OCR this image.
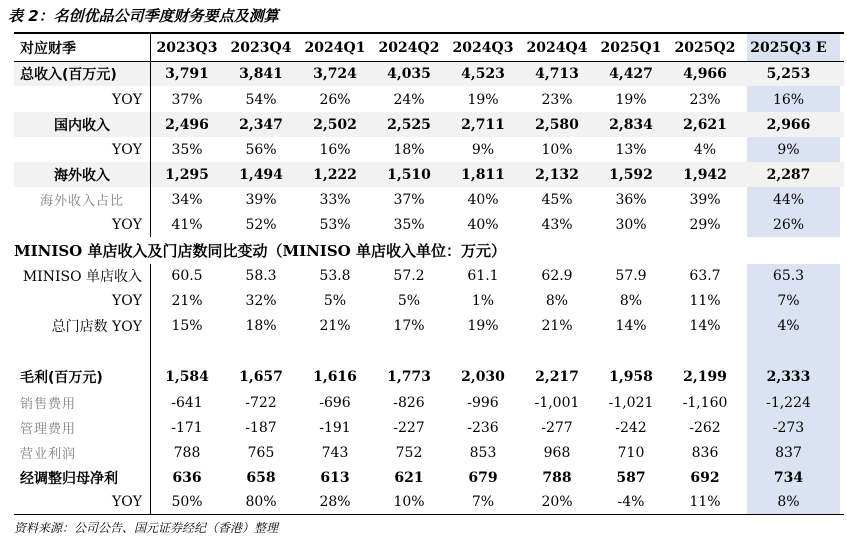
表 2：名创优品公司季度财务要点及测算
对应财季	2023Q3 2023Q4 2024Q1 2024Q2 2024Q3 2024Q4 2025Q1 2025Q2	2025Q3 E
总收入(百万元)	3,791	3,841	3,724	4,035	4,523	4,713	4,427	4,966	5,253
YOY	37%	54%	26%	24%	19%	23%	19%	23%	16%
国内收入	2,496	2,347	2,502	2,525	2,711	2,580	2,834	2,621	2,966
YOY	35%	56%	16%	18%	9%	10%	13%	4%	9%
海外收入	1,295	1,494	1,222	1,510	1,811	2,132	1,592	1,942	2,287
海外收入占比	34%	39%	33%	37%	40%	45%	36%	39%	44%
YOY	41%	52%	53%	35%	40%	43%	30%	29%	26%
MINISO 单店收入及门店数同比变动（MINISO 单店收入单位：万元）
MINISO 单店收入	60.5	58.3	53.8	57.2	61.1	62.9	57.9	63.7	65.3
YOY	21%	32%	5%	5%	1%	8%	8%	11%	7%
总门店数 YOY	15%	18%	21%	17%	19%	21%	14%	14%	4%
毛利(百万元)	1,584	1,657	1,616	1,773	2,030	2,217	1,958	2,199	2,333
销售费用	-641	-722	-696	-826	-996	-1,001	-1,021	-1,160	-1,224
管理费用	-171	-187	-191	-227	-236	-277	-242	-262	-273
营业利润	788	765	743	752	853	968	710	836	837
经调整归母净利	636	658	613	621	679	788	587	692	734
YOY	50%	80%	28%	10%	7%	20%	-4%	11%	8%
资料来源：公司公告、国元证券经纪（香港）整理
